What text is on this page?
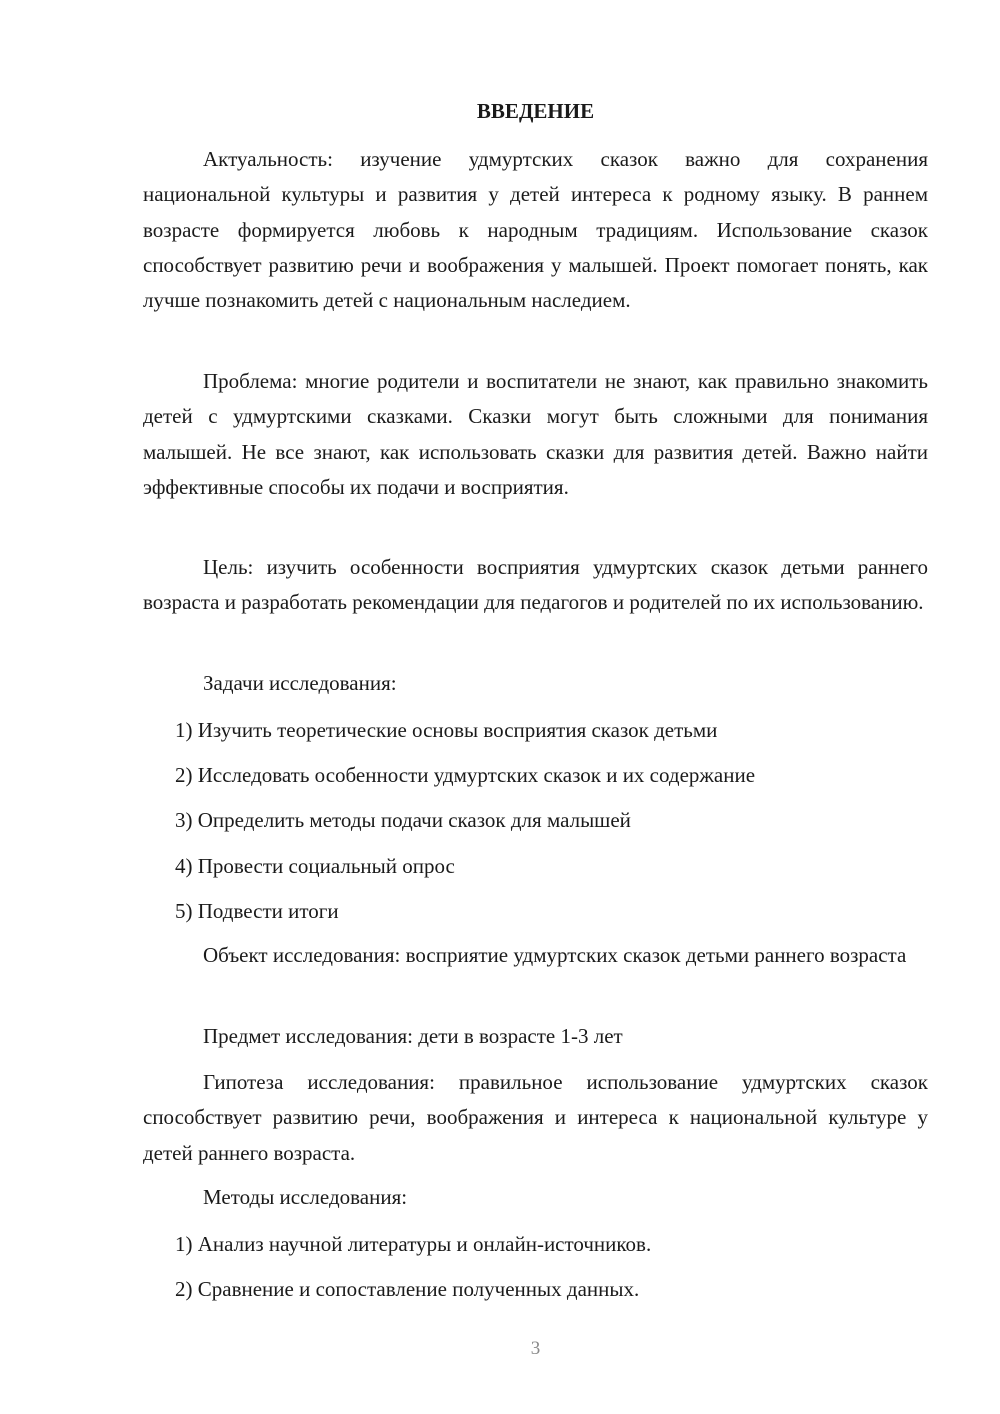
ВВЕДЕНИЕ

Актуальность: изучение удмуртских сказок важно для сохранения национальной культуры и развития у детей интереса к родному языку. В раннем возрасте формируется любовь к народным традициям. Использование сказок способствует развитию речи и воображения у малышей. Проект помогает понять, как лучше познакомить детей с национальным наследием.

Проблема: многие родители и воспитатели не знают, как правильно знакомить детей с удмуртскими сказками. Сказки могут быть сложными для понимания малышей. Не все знают, как использовать сказки для развития детей. Важно найти эффективные способы их подачи и восприятия.

Цель: изучить особенности восприятия удмуртских сказок детьми раннего возраста и разработать рекомендации для педагогов и родителей по их использованию.

Задачи исследования:

1) Изучить теоретические основы восприятия сказок детьми

2) Исследовать особенности удмуртских сказок и их содержание

3) Определить методы подачи сказок для малышей

4) Провести социальный опрос

5) Подвести итоги

Объект исследования: восприятие удмуртских сказок детьми раннего возраста

Предмет исследования: дети в возрасте 1-3 лет

Гипотеза исследования: правильное использование удмуртских сказок способствует развитию речи, воображения и интереса к национальной культуре у детей раннего возраста.

Методы исследования:

1) Анализ научной литературы и онлайн-источников.

2) Сравнение и сопоставление полученных данных.

3
